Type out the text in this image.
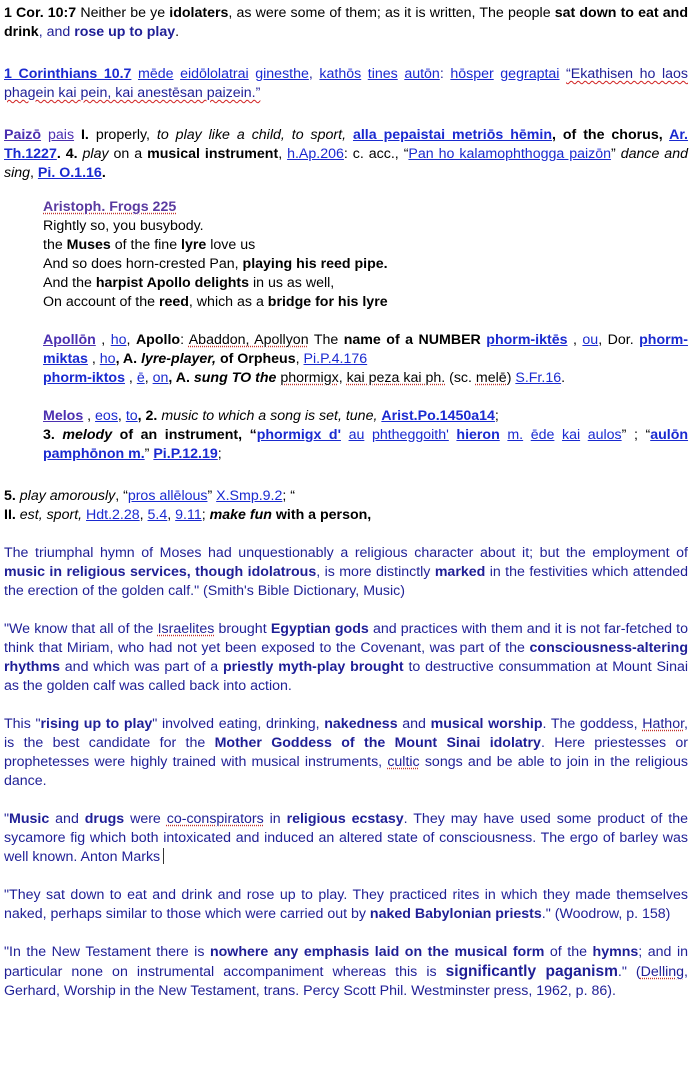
1 Cor. 10:7 Neither be ye idolaters, as were some of them; as it is written, The people sat down to eat and drink, and rose up to play.

1 Corinthians 10.7 mēde eidōlolatrai ginesthe, kathōs tines autōn: hōsper gegraptai “Ekathisen ho laos phagein kai pein, kai anestēsan paizein.”

Paizō pais I. properly, to play like a child, to sport, alla pepaistai metriōs hēmin, of the chorus, Ar. Th.1227. 4. play on a musical instrument, h.Ap.206: c. acc., “Pan ho kalamophthogga paizōn” dance and sing, Pi. O.1.16.

Aristoph. Frogs 225

Rightly so, you busybody.

the Muses of the fine lyre love us

And so does horn-crested Pan, playing his reed pipe.

And the harpist Apollo delights in us as well,

On account of the reed, which as a bridge for his lyre

Apollōn , ho, Apollo: Abaddon, Apollyon The name of a NUMBER phorm-iktēs , ou, Dor. phorm-miktas , ho, A. lyre-player, of Orpheus, Pi.P.4.176

phorm-iktos , ē, on, A. sung TO the phormigx, kai peza kai ph. (sc. melē) S.Fr.16.

Melos , eos, to, 2. music to which a song is set, tune, Arist.Po.1450a14;

3. melody of an instrument, “phormigx d' au phtheggoith' hieron m. ēde kai aulos” ; “aulōn pamphōnon m.” Pi.P.12.19;

5. play amorously, “pros allēlous” X.Smp.9.2; “

II. est, sport, Hdt.2.28, 5.4, 9.11; make fun with a person,

The triumphal hymn of Moses had unquestionably a religious character about it; but the employment of music in religious services, though idolatrous, is more distinctly marked in the festivities which attended the erection of the golden calf." (Smith's Bible Dictionary, Music)

"We know that all of the Israelites brought Egyptian gods and practices with them and it is not far-fetched to think that Miriam, who had not yet been exposed to the Covenant, was part of the consciousness-altering rhythms and which was part of a priestly myth-play brought to destructive consummation at Mount Sinai as the golden calf was called back into action.

This "rising up to play" involved eating, drinking, nakedness and musical worship. The goddess, Hathor, is the best candidate for the Mother Goddess of the Mount Sinai idolatry. Here priestesses or prophetesses were highly trained with musical instruments, cultic songs and be able to join in the religious dance.

"Music and drugs were co-conspirators in religious ecstasy. They may have used some product of the sycamore fig which both intoxicated and induced an altered state of consciousness. The ergo of barley was well known. Anton Marks

"They sat down to eat and drink and rose up to play. They practiced rites in which they made themselves naked, perhaps similar to those which were carried out by naked Babylonian priests." (Woodrow, p. 158)

"In the New Testament there is nowhere any emphasis laid on the musical form of the hymns; and in particular none on instrumental accompaniment whereas this is significantly paganism." (Delling, Gerhard, Worship in the New Testament, trans. Percy Scott Phil. Westminster press, 1962, p. 86).
